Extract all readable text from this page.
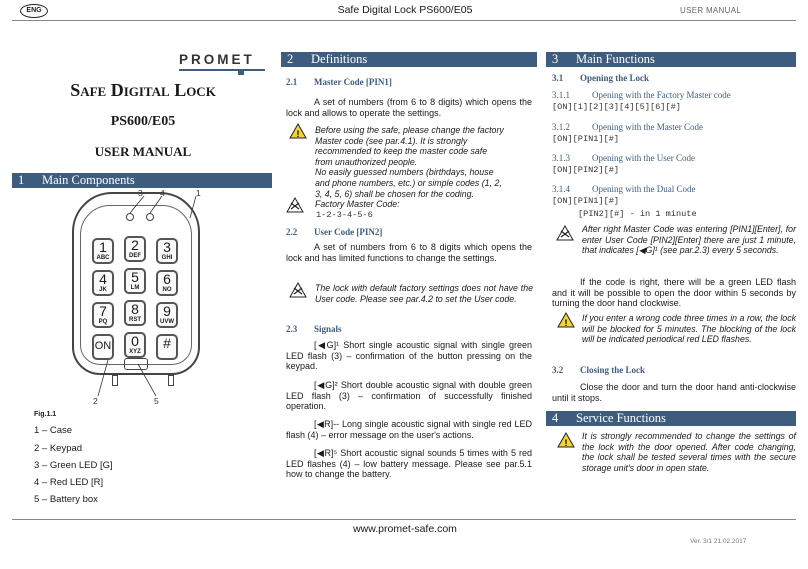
ENG	Safe Digital Lock PS600/E05	USER MANUAL
PROMET
Safe Digital Lock
PS600/E05
USER MANUAL
1 Main Components
1
ABC
2
DEF
3
GHI
4
JK
5
LM
6
NO
7
PQ
8
RST
9
UVW
ON	0
XYZ
#
3 4	1
2	5
Fig.1.1
1 – Case
2 – Keypad
3 – Green LED [G]
4 – Red LED [R]
5 – Battery box
2 Definitions
2.1 Master Code [PIN1]
A set of numbers (from 6 to 8 digits) which opens the lock and allows to operate the settings.
! Before using the safe, please change the factory
Master code (see par.4.1). It is strongly
recommended to keep the master code safe
from unauthorized people.
No easily guessed numbers (birthdays, house
and phone numbers, etc.) or simple codes (1, 2,
3, 4, 5, 6) shall be chosen for the coding.
Factory Master Code:
1-2-3-4-5-6
2.2 User Code [PIN2]
A set of numbers from 6 to 8 digits which opens the lock and has limited functions to change the settings.
The lock with default factory settings does not have the User code. Please see par.4.2 to set the User code.
2.3 Signals
[◀G]¹ Short single acoustic signal with single green LED flash (3) – confirmation of the button pressing on the keypad.
[◀G]² Short double acoustic signal with double green LED flash (3) – confirmation of successfully finished operation.
[◀R]-- Long single acoustic signal with single red LED flash (4) – error message on the user's actions.
[◀R]⁵ Short acoustic signal sounds 5 times with 5 red LED flashes (4) – low battery message. Please see par.5.1 how to change the battery.
3 Main Functions
3.1 Opening the Lock
3.1.1 Opening with the Factory Master code
[ON][1][2][3][4][5][6][#]
3.1.2 Opening with the Master Code
[ON][PIN1][#]
3.1.3 Opening with the User Code
[ON][PIN2][#]
3.1.4 Opening with the Dual Code
[ON][PIN1][#]
[PIN2][#] - in 1 minute
After right Master Code was entering [PIN1][Enter], for enter User Code [PIN2][Enter] there are just 1 minute, that indicates [◀G]¹ (see par.2.3) every 5 seconds.
If the code is right, there will be a green LED flash and it will be possible to open the door within 5 seconds by turning the door hand clockwise.
! If you enter a wrong code three times in a row, the lock will be blocked for 5 minutes. The blocking of the lock will be indicated periodical red LED flashes.
3.2 Closing the Lock
Close the door and turn the door hand anti-clockwise until it stops.
4 Service Functions
!
It is strongly recommended to change the settings of the lock with the door opened. After code changing, the lock shall be tested several times with the secure storage unit's door in open state.
www.promet-safe.com
Ver. 3/1 21.02.2017
